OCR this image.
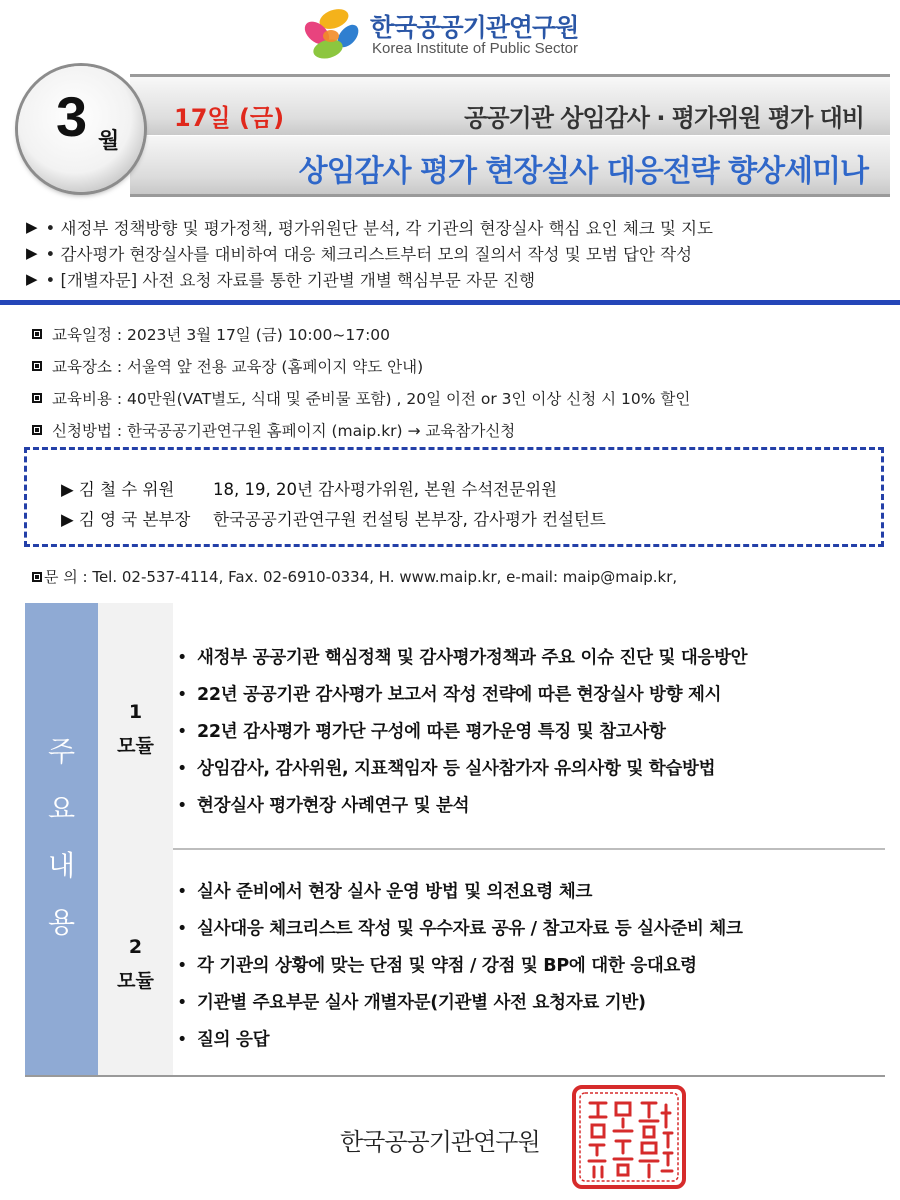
한국공공기관연구원
Korea Institute of Public Sector
17일 (금)	공공기관 상임감사 · 평가위원 평가 대비
상임감사 평가 현장실사 대응전략 향상세미나
3 월
▶ • 새정부 정책방향 및 평가정책, 평가위원단 분석, 각 기관의 현장실사 핵심 요인 체크 및 지도
▶ • 감사평가 현장실사를 대비하여 대응 체크리스트부터 모의 질의서 작성 및 모범 답안 작성
▶ • [개별자문] 사전 요청 자료를 통한 기관별 개별 핵심부문 자문 진행
교육일정 : 2023년 3월 17일 (금) 10:00~17:00
교육장소 : 서울역 앞 전용 교육장 (홈페이지 약도 안내)
교육비용 : 40만원(VAT별도, 식대 및 준비물 포함) , 20일 이전 or 3인 이상 신청 시 10% 할인
신청방법 : 한국공공기관연구원 홈페이지 (maip.kr) → 교육참가신청
▶ 김 철 수 위원 18, 19, 20년 감사평가위원, 본원 수석전문위원
▶ 김 영 국 본부장 한국공공기관연구원 컨설팅 본부장, 감사평가 컨설턴트
문 의 : Tel. 02-537-4114, Fax. 02-6910-0334, H. www.maip.kr, e-mail: maip@maip.kr,
주
요
내
용
1
모듈
2
모듈
• 새정부 공공기관 핵심정책 및 감사평가정책과 주요 이슈 진단 및 대응방안
• 22년 공공기관 감사평가 보고서 작성 전략에 따른 현장실사 방향 제시
• 22년 감사평가 평가단 구성에 따른 평가운영 특징 및 참고사항
• 상임감사, 감사위원, 지표책임자 등 실사참가자 유의사항 및 학습방법
• 현장실사 평가현장 사례연구 및 분석
• 실사 준비에서 현장 실사 운영 방법 및 의전요령 체크
• 실사대응 체크리스트 작성 및 우수자료 공유 / 참고자료 등 실사준비 체크
• 각 기관의 상황에 맞는 단점 및 약점 / 강점 및 BP에 대한 응대요령
• 기관별 주요부문 실사 개별자문(기관별 사전 요청자료 기반)
• 질의 응답
한국공공기관연구원
